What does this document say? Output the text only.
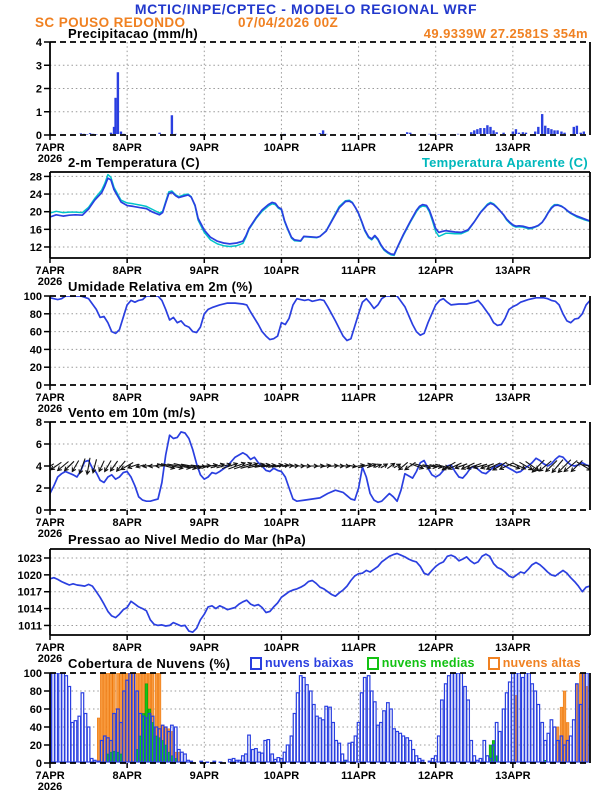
MCTIC/INPE/CPTEC - MODELO REGIONAL WRF
SC POUSO REDONDO	07/04/2026 00Z
49.9339W 27.2581S 354m
Precipitacao (mm/h)
2-m Temperatura (C)	Temperatura Aparente (C)
Umidade Relativa em 2m (%)
Vento em 10m (m/s)
Pressao ao Nivel Medio do Mar (hPa)
Cobertura de Nuvens (%)	nuvens baixas nuvens medias nuvens altas
0
1
2
3
4
7APR
2026
8APR	9APR	10APR	11APR	12APR	13APR
12
16
20
24
28
7APR
2026
8APR	9APR	10APR	11APR	12APR	13APR
0
20
40
60
80
100
7APR
2026
8APR	9APR	10APR	11APR	12APR	13APR
0
2
4
6
8
7APR
2026
8APR	9APR	10APR	11APR	12APR	13APR
1011
1014
1017
1020
1023
7APR
2026
8APR	9APR	10APR	11APR	12APR	13APR
0
20
40
60
80
100
7APR
2026
8APR	9APR	10APR	11APR	12APR	13APR
